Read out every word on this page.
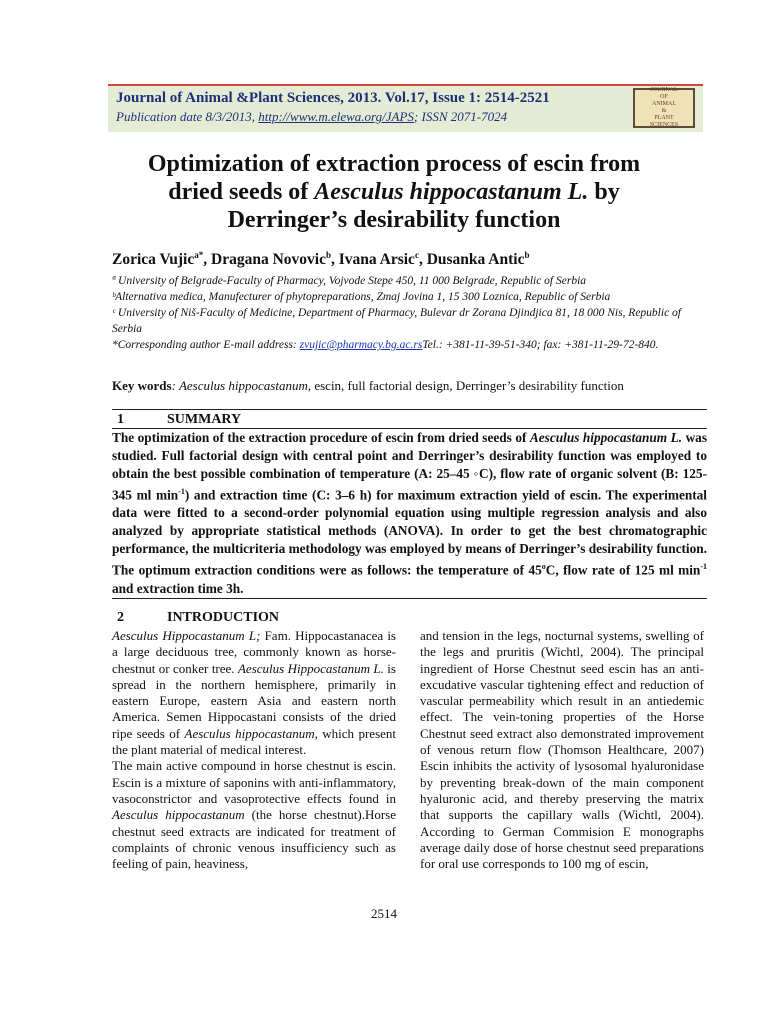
Journal of Animal &Plant Sciences, 2013. Vol.17, Issue 1: 2514-2521
Publication date 8/3/2013, http://www.m.elewa.org/JAPS; ISSN 2071-7024
JOURNAL
OF
ANIMAL
&
PLANT
SCIENCES
Optimization of extraction process of escin from
dried seeds of Aesculus hippocastanum L. by
Derringer’s desirability function
Zorica Vujic$^{a*}$, Dragana Novovic$^b$, Ivana Arsic$^c$, Dusanka Antic$^b$

ª University of Belgrade-Faculty of Pharmacy, Vojvode Stepe 450, 11 000 Belgrade, Republic of Serbia

ᵇAlternativa medica, Manufecturer of phytopreparations, Zmaj Jovina 1, 15 300 Loznica, Republic of Serbia

ᶜ University of Niš-Faculty of Medicine, Department of Pharmacy, Bulevar dr Zorana Djindjica 81, 18 000 Nis, Republic of Serbia

*Corresponding author E-mail address: zvujic@pharmacy.bg.ac.rsTel.: +381-11-39-51-340; fax: +381-11-29-72-840.

Key words: Aesculus hippocastanum, escin, full factorial design, Derringer’s desirability function
1	SUMMARY
The optimization of the extraction procedure of escin from dried seeds of Aesculus hippocastanum L. was studied. Full factorial design with central point and Derringer’s desirability function was employed to obtain the best possible combination of temperature (A: 25–45 ◦C), flow rate of organic solvent (B: 125-345 ml $\min^{-1}$) and extraction time (C: 3–6 h) for maximum extraction yield of escin. The experimental data were fitted to a second-order polynomial equation using multiple regression analysis and also analyzed by appropriate statistical methods (ANOVA). In order to get the best chromatographic performance, the multicriteria methodology was employed by means of Derringer’s desirability function. The optimum extraction conditions were as follows: the temperature of 45$^o$C, flow rate of 125 ml $\min^{-1}$ and extraction time 3h.
2	INTRODUCTION

Aesculus Hippocastanum L; Fam. Hippocastanacea is a large deciduous tree, commonly known as horse-chestnut or conker tree. Aesculus Hippocastanum L. is spread in the northern hemisphere, primarily in eastern Europe, eastern Asia and eastern north America. Semen Hippocastani consists of the dried ripe seeds of Aesculus hippocastanum, which present the plant material of medical interest.

The main active compound in horse chestnut is escin. Escin is a mixture of saponins with anti-inflammatory, vasoconstrictor and vasoprotective effects found in Aesculus hippocastanum (the horse chestnut).Horse chestnut seed extracts are indicated for treatment of complaints of chronic venous insufficiency such as feeling of pain, heaviness,

and tension in the legs, nocturnal systems, swelling of the legs and pruritis (Wichtl, 2004). The principal ingredient of Horse Chestnut seed escin has an anti-excudative vascular tightening effect and reduction of vascular permeability which result in an antiedemic effect. The vein-toning properties of the Horse Chestnut seed extract also demonstrated improvement of venous return flow (Thomson Healthcare, 2007) Escin inhibits the activity of lysosomal hyaluronidase by preventing break-down of the main component hyaluronic acid, and thereby preserving the matrix that supports the capillary walls (Wichtl, 2004). According to German Commision E monographs average daily dose of horse chestnut seed preparations for oral use corresponds to 100 mg of escin,

2514
